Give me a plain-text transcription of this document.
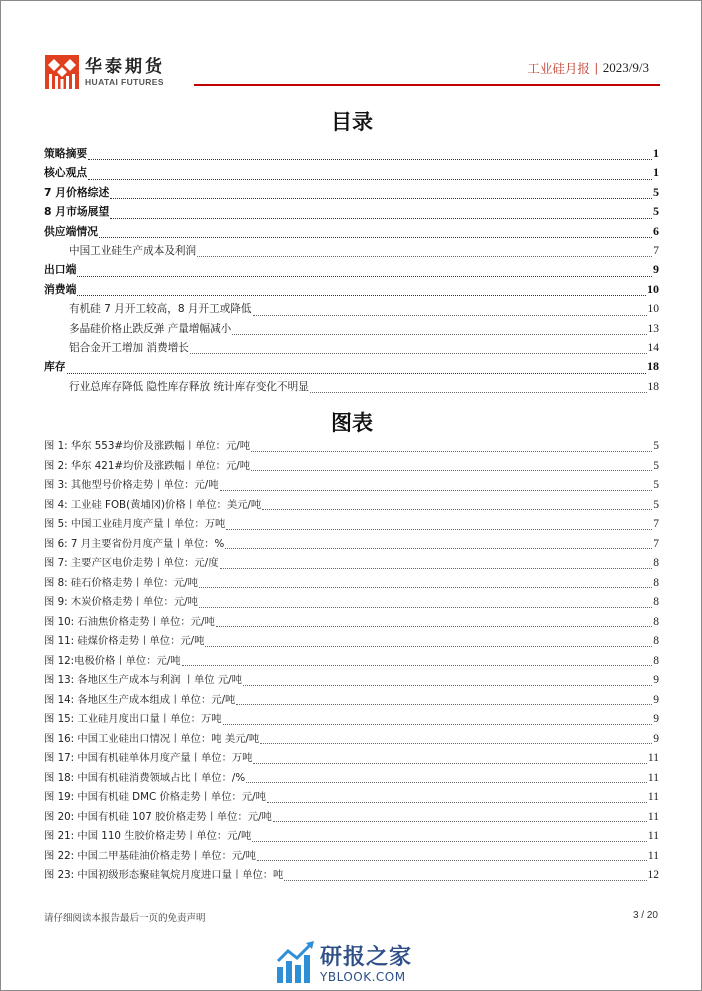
华泰期货
HUATAI FUTURES
工业硅月报 | 2023/9/3
目录
策略摘要	1
核心观点	1
7 月价格综述	5
8 月市场展望	5
供应端情况	6
中国工业硅生产成本及利润	7
出口端	9
消费端	10
有机硅 7 月开工较高，8 月开工或降低	10
多晶硅价格止跌反弹 产量增幅减小	13
铝合金开工增加 消费增长	14
库存	18
行业总库存降低 隐性库存释放 统计库存变化不明显	18
图表
图 1: 华东 553#均价及涨跌幅丨单位：元/吨	5
图 2: 华东 421#均价及涨跌幅丨单位：元/吨	5
图 3: 其他型号价格走势丨单位：元/吨	5
图 4: 工业硅 FOB(黄埔冈)价格丨单位：美元/吨	5
图 5: 中国工业硅月度产量丨单位：万吨	7
图 6: 7 月主要省份月度产量丨单位：%	7
图 7: 主要产区电价走势丨单位：元/度	8
图 8: 硅石价格走势丨单位：元/吨	8
图 9: 木炭价格走势丨单位：元/吨	8
图 10: 石油焦价格走势丨单位：元/吨	8
图 11: 硅煤价格走势丨单位：元/吨	8
图 12:电极价格丨单位：元/吨	8
图 13: 各地区生产成本与利润 丨单位 元/吨	9
图 14: 各地区生产成本组成丨单位：元/吨	9
图 15: 工业硅月度出口量丨单位：万吨	9
图 16: 中国工业硅出口情况丨单位：吨 美元/吨	9
图 17: 中国有机硅单体月度产量丨单位：万吨	11
图 18: 中国有机硅消费领域占比丨单位：/%	11
图 19: 中国有机硅 DMC 价格走势丨单位：元/吨	11
图 20: 中国有机硅 107 胶价格走势丨单位：元/吨	11
图 21: 中国 110 生胶价格走势丨单位：元/吨	11
图 22: 中国二甲基硅油价格走势丨单位：元/吨	11
图 23: 中国初级形态聚硅氧烷月度进口量丨单位：吨	12
请仔细阅读本报告最后一页的免责声明	3 / 20
研报之家
YBLOOK.COM
